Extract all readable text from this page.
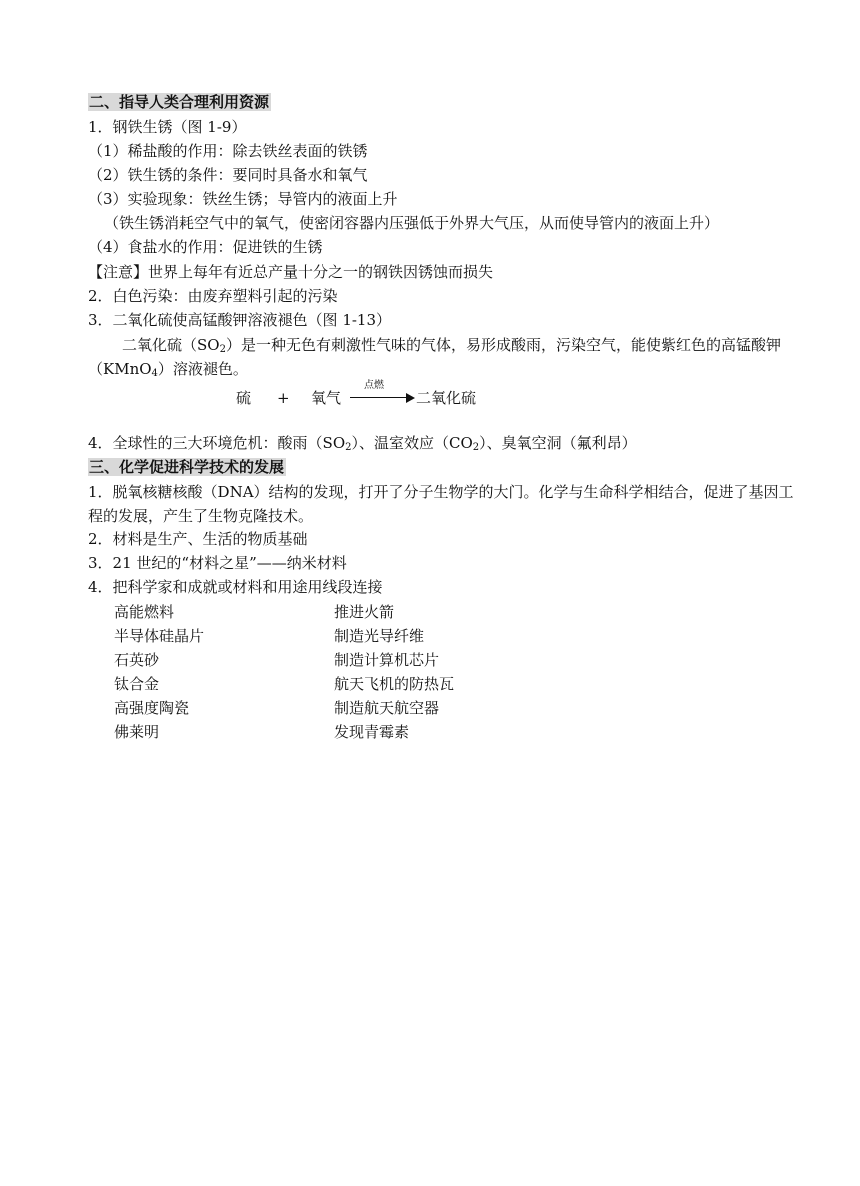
二、指导人类合理利用资源
1．钢铁生锈（图 1-9）
（1）稀盐酸的作用：除去铁丝表面的铁锈
（2）铁生锈的条件：要同时具备水和氧气
（3）实验现象：铁丝生锈；导管内的液面上升
（铁生锈消耗空气中的氧气，使密闭容器内压强低于外界大气压，从而使导管内的液面上升）
（4）食盐水的作用：促进铁的生锈
【注意】世界上每年有近总产量十分之一的钢铁因锈蚀而损失
2．白色污染：由废弃塑料引起的污染
3．二氧化硫使高锰酸钾溶液褪色（图 1-13）
二氧化硫$(SO_2)$是一种无色有刺激性气味的气体，易形成酸雨，污染空气，能使紫红色的高锰酸钾（KMnO$_4$）溶液褪色。
硫 + 氧气
点燃
二氧化硫
4．全球性的三大环境危机：酸雨$(SO_2)$、温室效应$(CO_2)$、臭氧空洞（氟利昂）
三、化学促进科学技术的发展
1．脱氧核糖核酸（DNA）结构的发现，打开了分子生物学的大门。化学与生命科学相结合，促进了基因工程的发展，产生了生物克隆技术。
2．材料是生产、生活的物质基础
3．21 世纪的“材料之星”——纳米材料
4．把科学家和成就或材料和用途用线段连接
高能燃料	推进火箭
半导体硅晶片	制造光导纤维
石英砂	制造计算机芯片
钛合金	航天飞机的防热瓦
高强度陶瓷	制造航天航空器
佛莱明	发现青霉素
